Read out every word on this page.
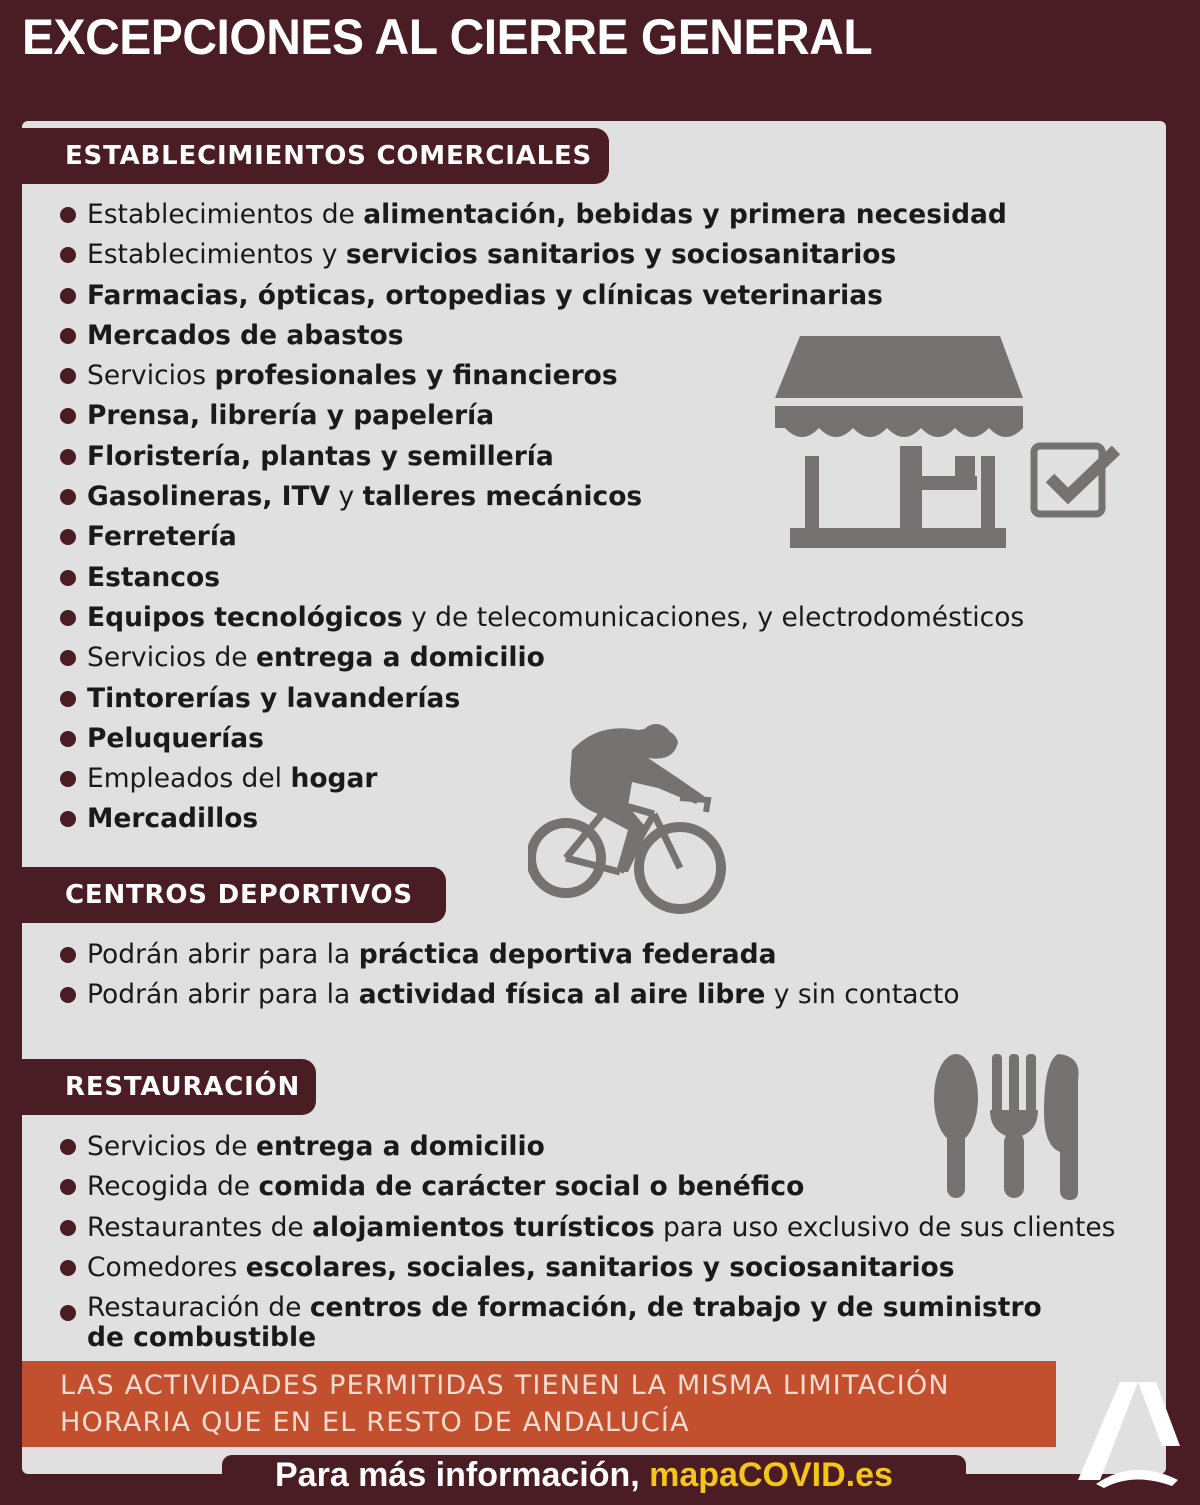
EXCEPCIONES AL CIERRE GENERAL
ESTABLECIMIENTOS COMERCIALES
Establecimientos de alimentación, bebidas y primera necesidad
Establecimientos y servicios sanitarios y sociosanitarios
Farmacias, ópticas, ortopedias y clínicas veterinarias
Mercados de abastos
Servicios profesionales y financieros
Prensa, librería y papelería
Floristería, plantas y semillería
Gasolineras, ITV y talleres mecánicos
Ferretería
Estancos
Equipos tecnológicos y de telecomunicaciones, y electrodomésticos
Servicios de entrega a domicilio
Tintorerías y lavanderías
Peluquerías
Empleados del hogar
Mercadillos
CENTROS DEPORTIVOS
Podrán abrir para la práctica deportiva federada
Podrán abrir para la actividad física al aire libre y sin contacto
RESTAURACIÓN
Servicios de entrega a domicilio
Recogida de comida de carácter social o benéfico
Restaurantes de alojamientos turísticos para uso exclusivo de sus clientes
Comedores escolares, sociales, sanitarios y sociosanitarios
Restauración de centros de formación, de trabajo y de suministro de combustible
LAS ACTIVIDADES PERMITIDAS TIENEN LA MISMA LIMITACIÓN
HORARIA QUE EN EL RESTO DE ANDALUCÍA
Para más información, mapaCOVID.es
